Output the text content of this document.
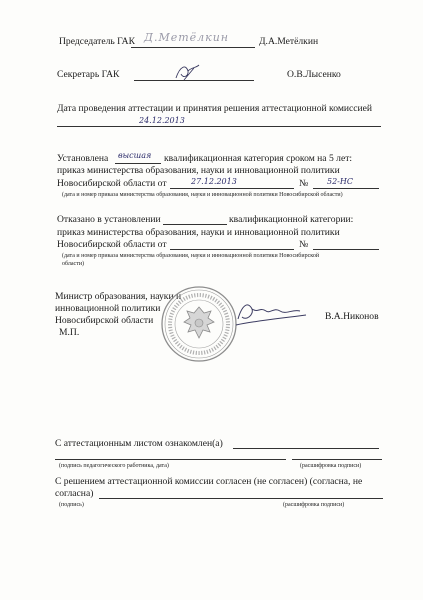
Председатель ГАК Д.Метёлкин	Д.А.Метёлкин
Секретарь ГАК	О.В.Лысенко
Дата проведения аттестации и принятия решения аттестационной комиссией
24.12.2013
Установлена высшая квалификационная категория сроком на 5 лет:
приказ министерства образования, науки и инновационной политики
Новосибирской области от	27.12.2013	№ 52-НС
(дата и номер приказа министерства образования, науки и инновационной политики Новосибирской области)
Отказано в установлении	квалификационной категории:
приказ министерства образования, науки и инновационной политики
Новосибирской области от	№
(дата и номер приказа министерства образования, науки и инновационной политики Новосибирской
области)
Министр образования, науки и
инновационной политики
Новосибирской области
М.П.
В.А.Никонов
С аттестационным листом ознакомлен(а)
(подпись педагогического работника, дата)	(расшифровка подписи)
С решением аттестационной комиссии согласен (не согласен) (согласна, не
согласна)
(подпись)	(расшифровка подписи)
